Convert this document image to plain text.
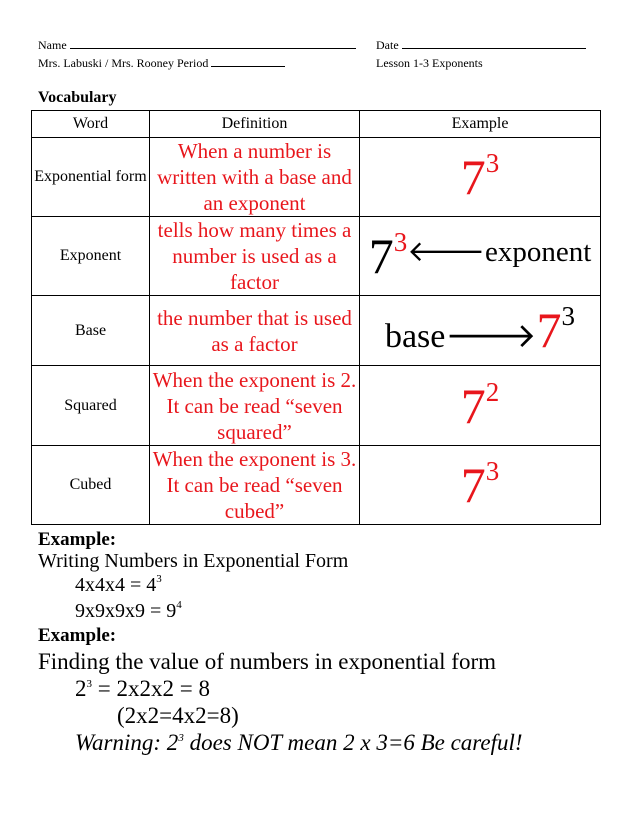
Name
Mrs. Labuski / Mrs. Rooney Period
Date
Lesson 1-3 Exponents
Vocabulary
Word	Definition	Example
Exponential form	When a number is written with a base and an exponent	73
Exponent	tells how many times a number is used as a factor	73🡐exponent
Base	the number that is used as a factor	base🡒73
Squared	When the exponent is 2. It can be read “seven squared”	72
Cubed	When the exponent is 3. It can be read “seven cubed”	73
Example:
Writing Numbers in Exponential Form
$4x4x4 = 4^3$
$9x9x9x9 = 9^4$
Example:
Finding the value of numbers in exponential form
$2^3 = 2x2x2 = 8$
(2x2=4x2=8)
Warning: $2^3$ does NOT mean 2 x 3=6 Be careful!
